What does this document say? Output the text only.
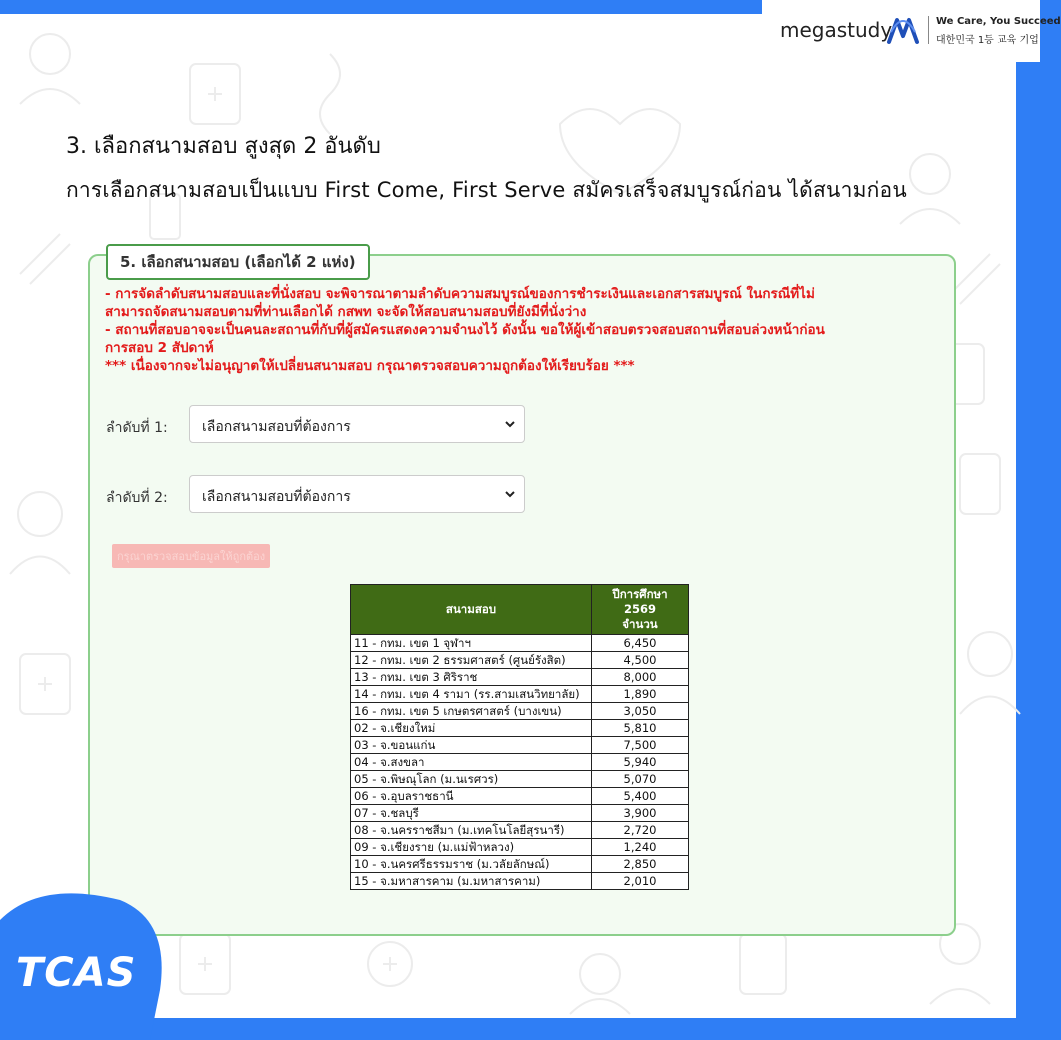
megastudy	We Care, You Succeed
대한민국 1등 교육 기업
3. เลือกสนามสอบ สูงสุด 2 อันดับ
การเลือกสนามสอบเป็นแบบ First Come, First Serve สมัครเสร็จสมบูรณ์ก่อน ได้สนามก่อน
5. เลือกสนามสอบ (เลือกได้ 2 แห่ง)
- การจัดลำดับสนามสอบและที่นั่งสอบ จะพิจารณาตามลำดับความสมบูรณ์ของการชำระเงินและเอกสารสมบูรณ์ ในกรณีที่ไม่
สามารถจัดสนามสอบตามที่ท่านเลือกได้ กสพท จะจัดให้สอบสนามสอบที่ยังมีที่นั่งว่าง
- สถานที่สอบอาจจะเป็นคนละสถานที่กับที่ผู้สมัครแสดงความจำนงไว้ ดังนั้น ขอให้ผู้เข้าสอบตรวจสอบสถานที่สอบล่วงหน้าก่อน
การสอบ 2 สัปดาห์
*** เนื่องจากจะไม่อนุญาตให้เปลี่ยนสนามสอบ กรุณาตรวจสอบความถูกต้องให้เรียบร้อย ***
ลำดับที่ 1: เลือกสนามสอบที่ต้องการ
ลำดับที่ 2: เลือกสนามสอบที่ต้องการ
กรุณาตรวจสอบข้อมูลให้ถูกต้อง
สนามสอบ	ปีการศึกษา 2569
จำนวน

11 - กทม. เขต 1 จุฬาฯ	6,450
12 - กทม. เขต 2 ธรรมศาสตร์ (ศูนย์รังสิต)	4,500
13 - กทม. เขต 3 ศิริราช	8,000
14 - กทม. เขต 4 รามา (รร.สามเสนวิทยาลัย)	1,890
16 - กทม. เขต 5 เกษตรศาสตร์ (บางเขน)	3,050
02 - จ.เชียงใหม่	5,810
03 - จ.ขอนแก่น	7,500
04 - จ.สงขลา	5,940
05 - จ.พิษณุโลก (ม.นเรศวร)	5,070
06 - จ.อุบลราชธานี	5,400
07 - จ.ชลบุรี	3,900
08 - จ.นครราชสีมา (ม.เทคโนโลยีสุรนารี)	2,720
09 - จ.เชียงราย (ม.แม่ฟ้าหลวง)	1,240
10 - จ.นครศรีธรรมราช (ม.วลัยลักษณ์)	2,850
15 - จ.มหาสารคาม (ม.มหาสารคาม)	2,010
TCAS
